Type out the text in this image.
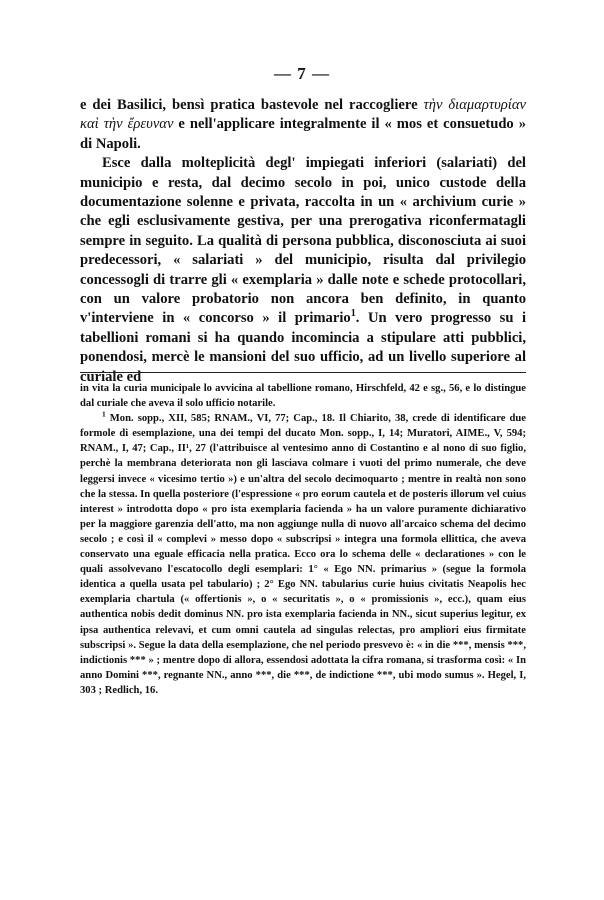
— 7 —

e dei Basilici, bensì pratica bastevole nel raccogliere τὴν διαμαρτυρίαν καὶ τὴν ἔρευναν e nell'applicare integralmente il « mos et consuetudo » di Napoli.

Esce dalla molteplicità degl' impiegati inferiori (salariati) del municipio e resta, dal decimo secolo in poi, unico custode della documentazione solenne e privata, raccolta in un « archivium curie » che egli esclusivamente gestiva, per una prerogativa riconfermatagli sempre in seguito. La qualità di persona pubblica, disconosciuta ai suoi predecessori, « salariati » del municipio, risulta dal privilegio concessogli di trarre gli « exemplaria » dalle note e schede protocollari, con un valore probatorio non ancora ben definito, in quanto v'interviene in « concorso » il primario$^1$. Un vero progresso su i tabellioni romani si ha quando incomincia a stipulare atti pubblici, ponendosi, mercè le mansioni del suo ufficio, ad un livello superiore al curiale ed

in vita la curia municipale lo avvicina al tabellione romano, Hirschfeld, 42 e sg., 56, e lo distingue dal curiale che aveva il solo ufficio notarile.

$^1$ Mon. sopp., XII, 585; RNAM., VI, 77; Cap., 18. Il Chiarito, 38, crede di identificare due formole di esemplazione, una dei tempi del ducato Mon. sopp., I, 14; Muratori, AIME., V, 594; RNAM., I, 47; Cap., II¹, 27 (l'attribuisce al ventesimo anno di Costantino e al nono di suo figlio, perchè la membrana deteriorata non gli lasciava colmare i vuoti del primo numerale, che deve leggersi invece « vicesimo tertio ») e un'altra del secolo decimoquarto ; mentre in realtà non sono che la stessa. In quella posteriore (l'espressione « pro eorum cautela et de posteris illorum vel cuius interest » introdotta dopo « pro ista exemplaria facienda » ha un valore puramente dichiarativo per la maggiore garenzia dell'atto, ma non aggiunge nulla di nuovo all'arcaico schema del decimo secolo ; e così il « complevi » messo dopo « subscripsi » integra una formola ellittica, che aveva conservato una eguale efficacia nella pratica. Ecco ora lo schema delle « declarationes » con le quali assolvevano l'escatocollo degli esemplari: 1° « Ego NN. primarius » (segue la formola identica a quella usata pel tabulario) ; 2° Ego NN. tabularius curie huius civitatis Neapolis hec exemplaria chartula (« offertionis », o « securitatis », o « promissionis », ecc.), quam eius authentica nobis dedit dominus NN. pro ista exemplaria facienda in NN., sicut superius legitur, ex ipsa authentica relevavi, et cum omni cautela ad singulas relectas, pro ampliori eius firmitate subscripsi ». Segue la data della esemplazione, che nel periodo presvevo è: « in die ***, mensis ***, indictionis *** » ; mentre dopo di allora, essendosi adottata la cifra romana, si trasforma così: « In anno Domini ***, regnante NN., anno ***, die ***, de indictione ***, ubi modo sumus ». Hegel, I, 303 ; Redlich, 16.
